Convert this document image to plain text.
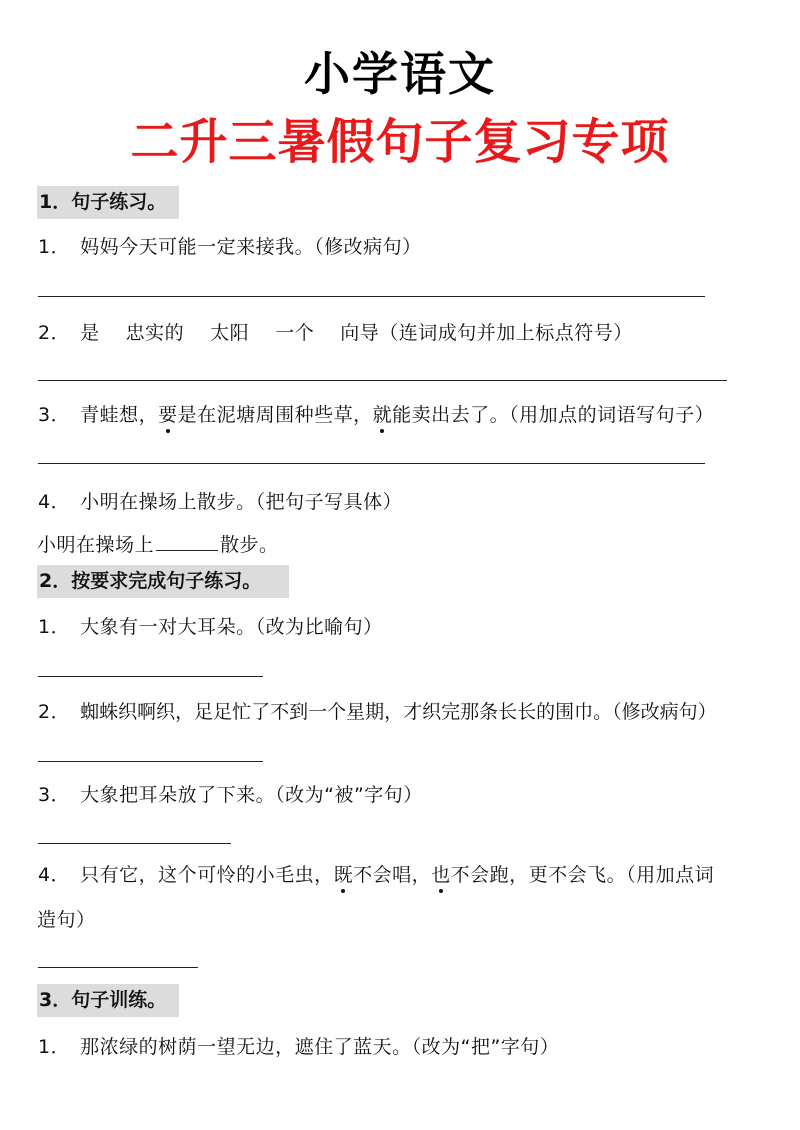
小学语文
二升三暑假句子复习专项
1．句子练习。
1． 妈妈今天可能一定来接我。（修改病句）
2． 是　 忠实的　 太阳　 一个　 向导（连词成句并加上标点符号）
3． 青蛙想，要是在泥塘周围种些草，就能卖出去了。（用加点的词语写句子）
4． 小明在操场上散步。（把句子写具体）
小明在操场上	散步。
2．按要求完成句子练习。
1． 大象有一对大耳朵。（改为比喻句）
2． 蜘蛛织啊织，足足忙了不到一个星期，才织完那条长长的围巾。（修改病句）
3． 大象把耳朵放了下来。（改为“被”字句）
4． 只有它，这个可怜的小毛虫，既不会唱，也不会跑，更不会飞。（用加点词
造句）
3．句子训练。
1． 那浓绿的树荫一望无边，遮住了蓝天。（改为“把”字句）
